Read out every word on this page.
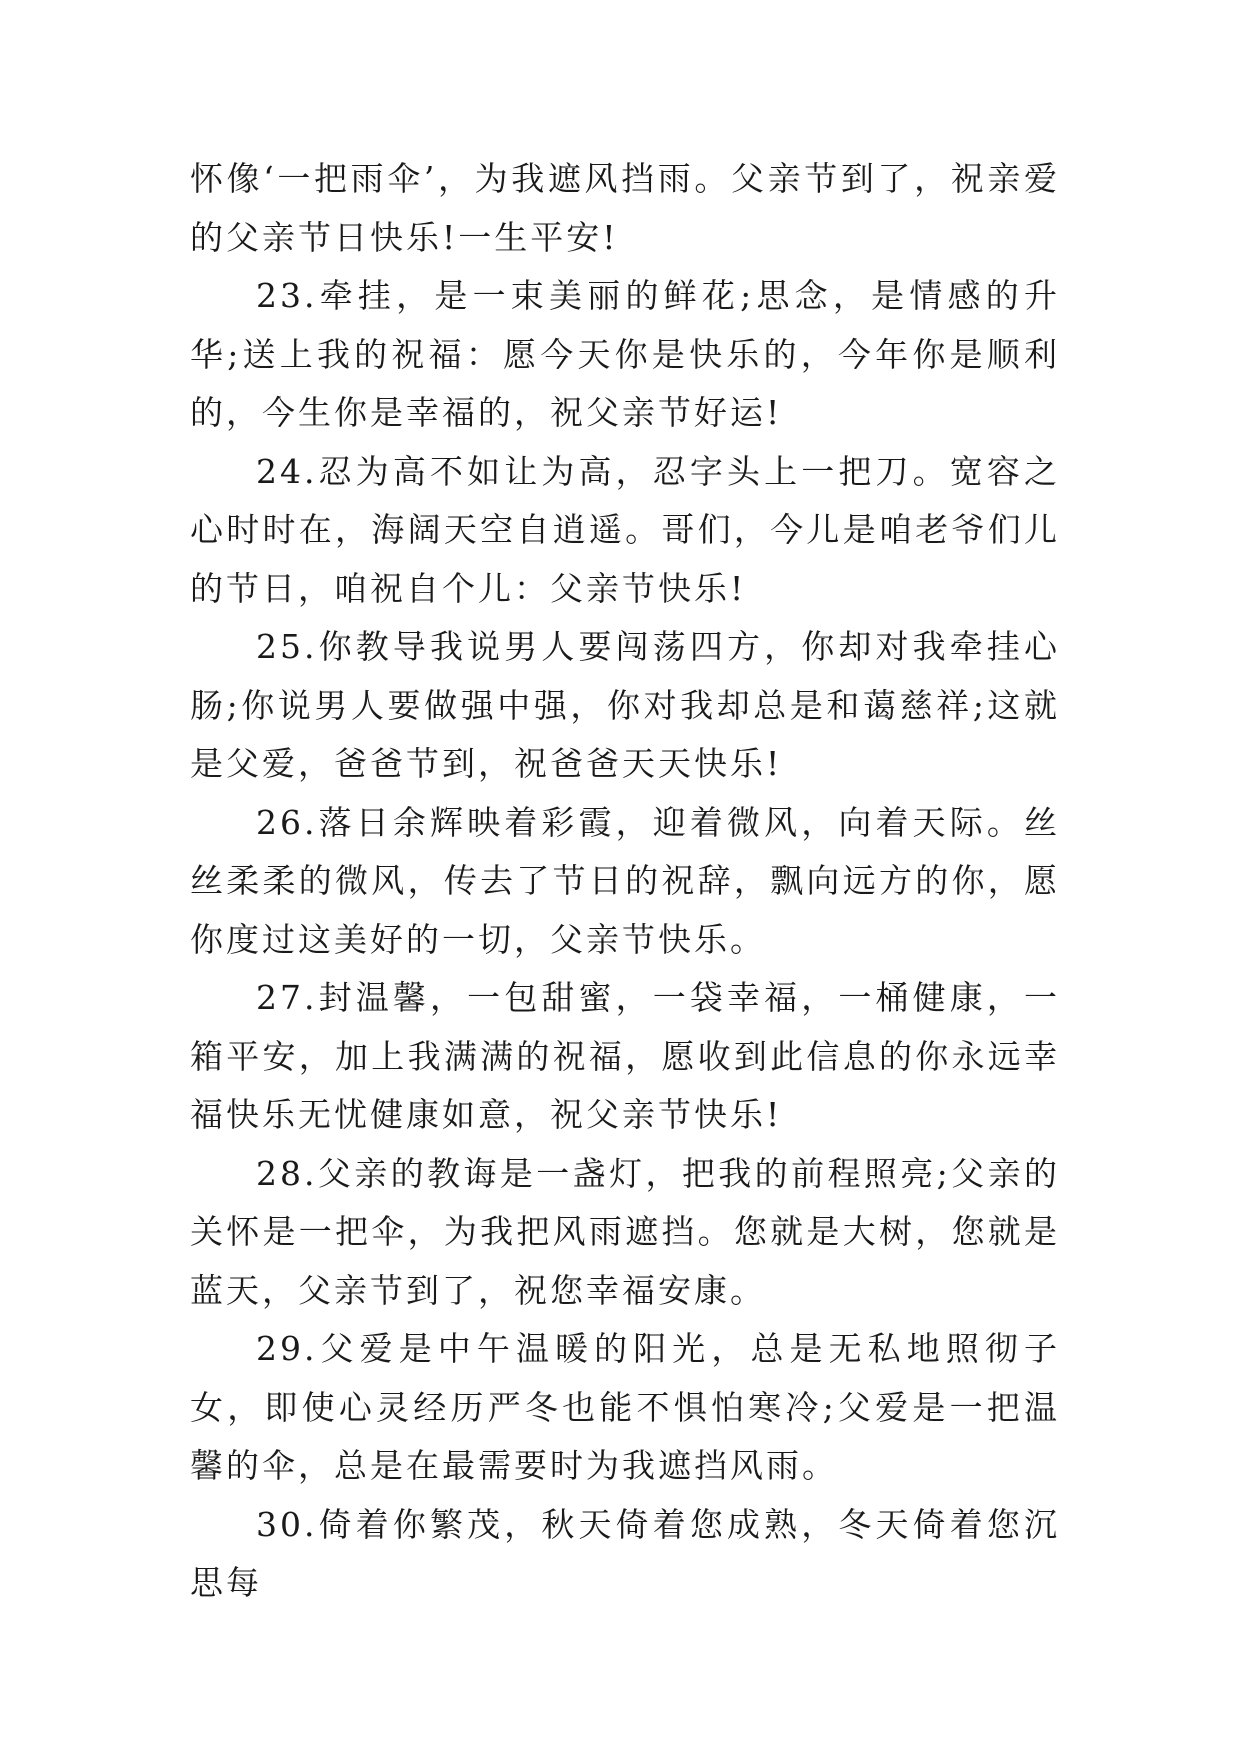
怀像‘一把雨伞’，为我遮风挡雨。父亲节到了，祝亲爱的父亲节日快乐!一生平安!

23.牵挂，是一束美丽的鲜花;思念，是情感的升华;送上我的祝福：愿今天你是快乐的，今年你是顺利的，今生你是幸福的，祝父亲节好运!

24.忍为高不如让为高，忍字头上一把刀。宽容之心时时在，海阔天空自逍遥。哥们，今儿是咱老爷们儿的节日，咱祝自个儿：父亲节快乐!

25.你教导我说男人要闯荡四方，你却对我牵挂心肠;你说男人要做强中强，你对我却总是和蔼慈祥;这就是父爱，爸爸节到，祝爸爸天天快乐!

26.落日余辉映着彩霞，迎着微风，向着天际。丝丝柔柔的微风，传去了节日的祝辞，飘向远方的你，愿你度过这美好的一切，父亲节快乐。

27.封温馨，一包甜蜜，一袋幸福，一桶健康，一箱平安，加上我满满的祝福，愿收到此信息的你永远幸福快乐无忧健康如意，祝父亲节快乐!

28.父亲的教诲是一盏灯，把我的前程照亮;父亲的关怀是一把伞，为我把风雨遮挡。您就是大树，您就是蓝天，父亲节到了，祝您幸福安康。

29.父爱是中午温暖的阳光，总是无私地照彻子女，即使心灵经历严冬也能不惧怕寒冷;父爱是一把温馨的伞，总是在最需要时为我遮挡风雨。

30.倚着你繁茂，秋天倚着您成熟，冬天倚着您沉思每
